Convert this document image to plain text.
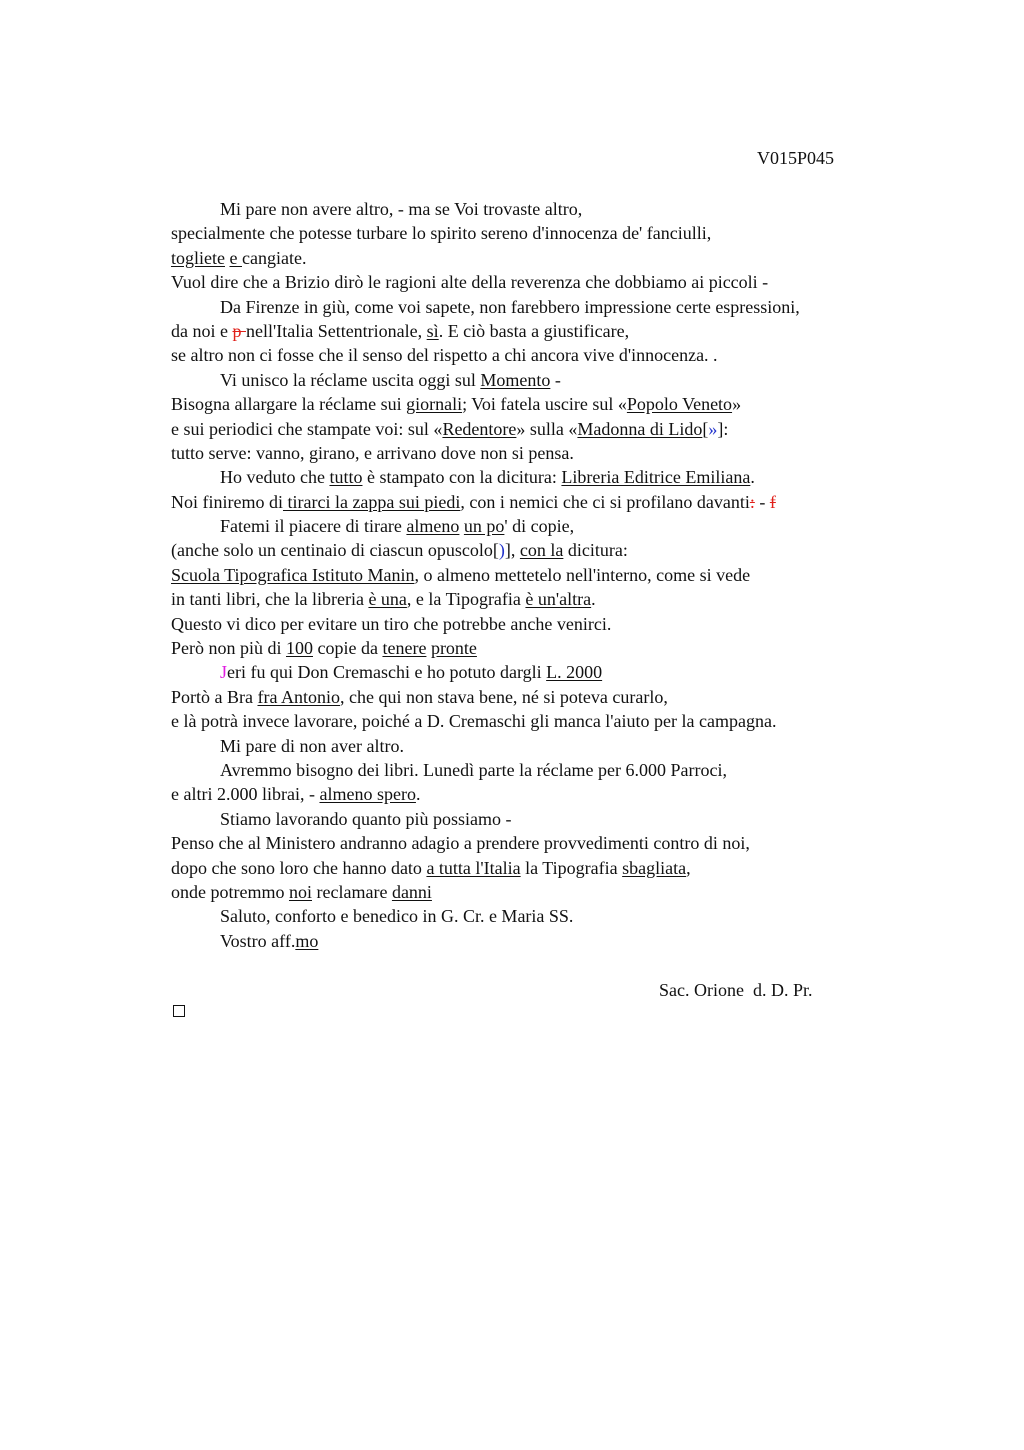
V015P045
Mi pare non avere altro, - ma se Voi trovaste altro,
specialmente che potesse turbare lo spirito sereno d'innocenza de' fanciulli,
togliete e cangiate.
Vuol dire che a Brizio dirò le ragioni alte della reverenza che dobbiamo ai piccoli -
Da Firenze in giù, come voi sapete, non farebbero impressione certe espressioni,
da noi e p nell'Italia Settentrionale, sì. E ciò basta a giustificare,
se altro non ci fosse che il senso del rispetto a chi ancora vive d'innocenza. .
Vi unisco la réclame uscita oggi sul Momento -
Bisogna allargare la réclame sui giornali; Voi fatela uscire sul «Popolo Veneto»
e sui periodici che stampate voi: sul «Redentore» sulla «Madonna di Lido[»]:
tutto serve: vanno, girano, e arrivano dove non si pensa.
Ho veduto che tutto è stampato con la dicitura: Libreria Editrice Emiliana.
Noi finiremo di tirarci la zappa sui piedi, con i nemici che ci si profilano davanti: - f
Fatemi il piacere di tirare almeno un po' di copie,
(anche solo un centinaio di ciascun opuscolo[)], con la dicitura:
Scuola Tipografica Istituto Manin, o almeno mettetelo nell'interno, come si vede
in tanti libri, che la libreria è una, e la Tipografia è un'altra.
Questo vi dico per evitare un tiro che potrebbe anche venirci.
Però non più di 100 copie da tenere pronte
Jeri fu qui Don Cremaschi e ho potuto dargli L. 2000
Portò a Bra fra Antonio, che qui non stava bene, né si poteva curarlo,
e là potrà invece lavorare, poiché a D. Cremaschi gli manca l'aiuto per la campagna.
Mi pare di non aver altro.
Avremmo bisogno dei libri. Lunedì parte la réclame per 6.000 Parroci,
e altri 2.000 librai, - almeno spero.
Stiamo lavorando quanto più possiamo -
Penso che al Ministero andranno adagio a prendere provvedimenti contro di noi,
dopo che sono loro che hanno dato a tutta l'Italia la Tipografia sbagliata,
onde potremmo noi reclamare danni
Saluto, conforto e benedico in G. Cr. e Maria SS.
Vostro aff.mo
Sac. Orione  d. D. Pr.
